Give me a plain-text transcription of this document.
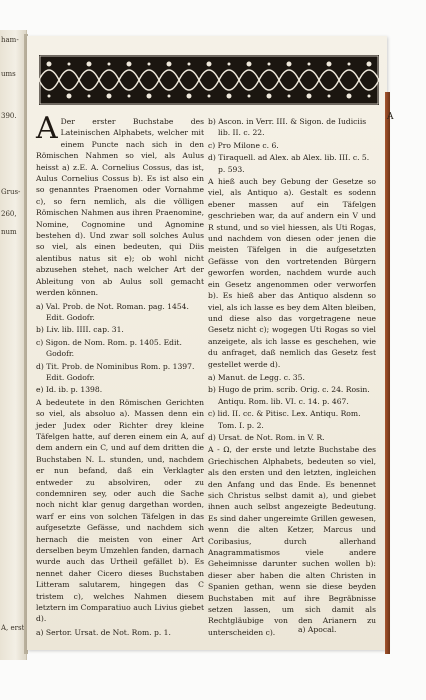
ham-
ums
390.
Grus-
260,
num
A, erst
A

A Der erster Buchstabe des Lateinischen Alphabets, welcher mit einem Puncte nach sich in den Römischen Nahmen so viel, als Aulus heisst a) z.E. A. Cornelius Cossus, das ist, Aulus Cornelius Cossus b). Es ist also ein so genanntes Praenomen oder Vornahme c), so fern nemlich, als die völligen Römischen Nahmen aus ihren Praenomine, Nomine, Cognomine und Agnomine bestehen d). Und zwar soll solches Aulus so viel, als einen bedeuten, qui Diis alentibus natus sit e); ob wohl nicht abzusehen stehet, nach welcher Art der Ableitung von ab Aulus soll gemacht werden können.

a) Val. Prob. de Not. Roman. pag. 1454. Edit. Godofr.
b) Liv. lib. IIII. cap. 31.
c) Sigon. de Nom. Rom. p. 1405. Edit. Godofr.
d) Tit. Prob. de Nominibus Rom. p. 1397. Edit. Godofr.
e) Id. ib. p. 1398.

A bedeutete in den Römischen Gerichten so viel, als absoluo a). Massen denn ein jeder Judex oder Richter drey kleine Täfelgen hatte, auf deren einem ein A, auf dem andern ein C, und auf dem dritten die Buchstaben N. L. stunden, und, nachdem er nun befand, daß ein Verklagter entweder zu absolviren, oder zu condemniren sey, oder auch die Sache noch nicht klar genug dargethan worden, warf er eins von solchen Täfelgen in das aufgesetzte Gefässe, und nachdem sich hernach die meisten von einer Art derselben beym Umzehlen fanden, darnach wurde auch das Urtheil gefället b). Es nennet daher Cicero dieses Buchstaben Litteram salutarem, hingegen das C tristem c), welches Nahmen diesem letztern im Comparatiuo auch Livius giebet d).

a) Sertor. Ursat. de Not. Rom. p. 1.
b) Ascon. in Verr. III. & Sigon. de Iudiciis lib. II. c. 22.
c) Pro Milone c. 6.
d) Tiraquell. ad Alex. ab Alex. lib. III. c. 5. p. 593.

A hieß auch bey Gebung der Gesetze so viel, als Antiquo a). Gestalt es sodenn ebener massen auf ein Täfelgen geschrieben war, da auf andern ein V und R stund, und so viel hiessen, als Uti Rogas, und nachdem von diesen oder jenen die meisten Täfelgen in die aufgesetzten Gefässe von den vortretenden Bürgern geworfen worden, nachdem wurde auch ein Gesetz angenommen oder verworfen b). Es hieß aber das Antiquo alsdenn so viel, als ich lasse es bey dem Alten bleiben, und diese also das vorgetragene neue Gesetz nicht c); wogegen Uti Rogas so viel anzeigete, als ich lasse es geschehen, wie du anfraget, daß nemlich das Gesetz fest gestellet werde d).

a) Manut. de Legg. c. 35.
b) Hugo de prim. scrib. Orig. c. 24. Rosin. Antiqu. Rom. lib. VI. c. 14. p. 467.
c) lid. II. cc. & Pitisc. Lex. Antiqu. Rom. Tom. I. p. 2.
d) Ursat. de Not. Rom. in V. R.

A - Ω, der erste und letzte Buchstabe des Griechischen Alphabets, bedeuten so viel, als den ersten und den letzten, ingleichen den Anfang und das Ende. Es benennet sich Christus selbst damit a), und giebet ihnen auch selbst angezeigte Bedeutung. Es sind daher ungereimte Grillen gewesen, wenn die alten Ketzer, Marcus und Coribasius, durch allerhand Anagrammatismos viele andere Geheimnisse darunter suchen wollen b): dieser aber haben die alten Christen in Spanien gethan, wenn sie diese beyden Buchstaben mit auf ihre Begräbnisse setzen lassen, um sich damit als Rechtgläubige von den Arianern zu unterscheiden c).	a) Apocal.
